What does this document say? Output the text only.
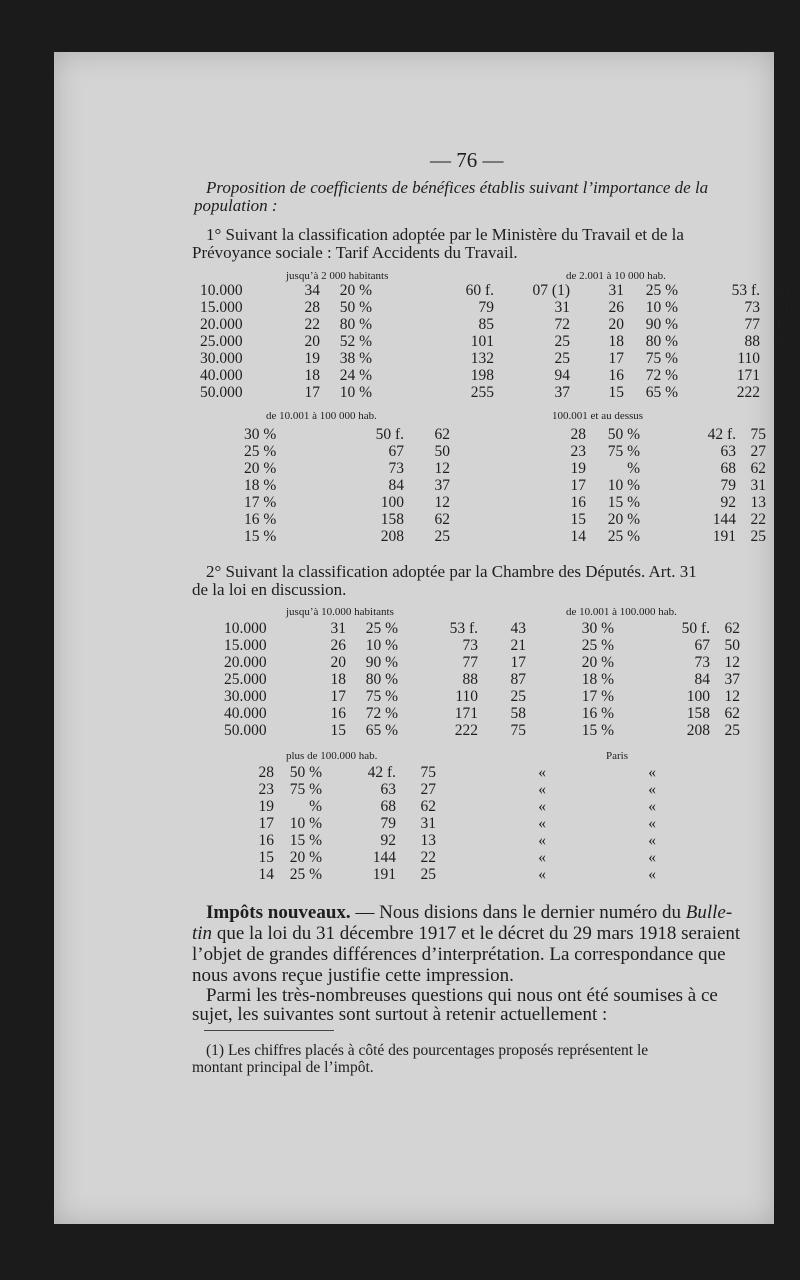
— 76 —
Proposition de coefficients de bénéfices établis suivant l’importance de la
population :
1° Suivant la classification adoptée par le Ministère du Travail et de la
Prévoyance sociale : Tarif Accidents du Travail.
jusqu’à 2 000 habitants	de 2.001 à 10 000 hab.
10.000	34	20 %	60 f.	07 (1)	31	25 %	53 f.	43
15.000	28	50 %	79	31	26	10 %	73	21
20.000	22	80 %	85	72	20	90 %	77	17
25.000	20	52 %	101	25	18	80 %	88	87
30.000	19	38 %	132	25	17	75 %	110	25
40.000	18	24 %	198	94	16	72 %	171	58
50.000	17	10 %	255	37	15	65 %	222	75
de 10.001 à 100 000 hab.	100.001 et au dessus
30 %	50 f.	62	28	50 %	42 f.	75
25 %	67	50	23	75 %	63	27
20 %	73	12	19	%	68	62
18 %	84	37	17	10 %	79	31
17 %	100	12	16	15 %	92	13
16 %	158	62	15	20 %	144	22
15 %	208	25	14	25 %	191	25
2° Suivant la classification adoptée par la Chambre des Députés. Art. 31
de la loi en discussion.
jusqu’à 10.000 habitants	de 10.001 à 100.000 hab.
10.000	31	25 %	53 f.	43	30 %	50 f.	62
15.000	26	10 %	73	21	25 %	67	50
20.000	20	90 %	77	17	20 %	73	12
25.000	18	80 %	88	87	18 %	84	37
30.000	17	75 %	110	25	17 %	100	12
40.000	16	72 %	171	58	16 %	158	62
50.000	15	65 %	222	75	15 %	208	25
plus de 100.000 hab.	Paris
28	50 %	42 f.	75	«	«
23	75 %	63	27	«	«
19	%	68	62	«	«
17	10 %	79	31	«	«
16	15 %	92	13	«	«
15	20 %	144	22	«	«
14	25 %	191	25	«	«
Impôts nouveaux. — Nous disions dans le dernier numéro du Bulle-
tin que la loi du 31 décembre 1917 et le décret du 29 mars 1918 seraient
l’objet de grandes différences d’interprétation. La correspondance que
nous avons reçue justifie cette impression.
Parmi les très-nombreuses questions qui nous ont été soumises à ce
sujet, les suivantes sont surtout à retenir actuellement :
(1) Les chiffres placés à côté des pourcentages proposés représentent le
montant principal de l’impôt.
